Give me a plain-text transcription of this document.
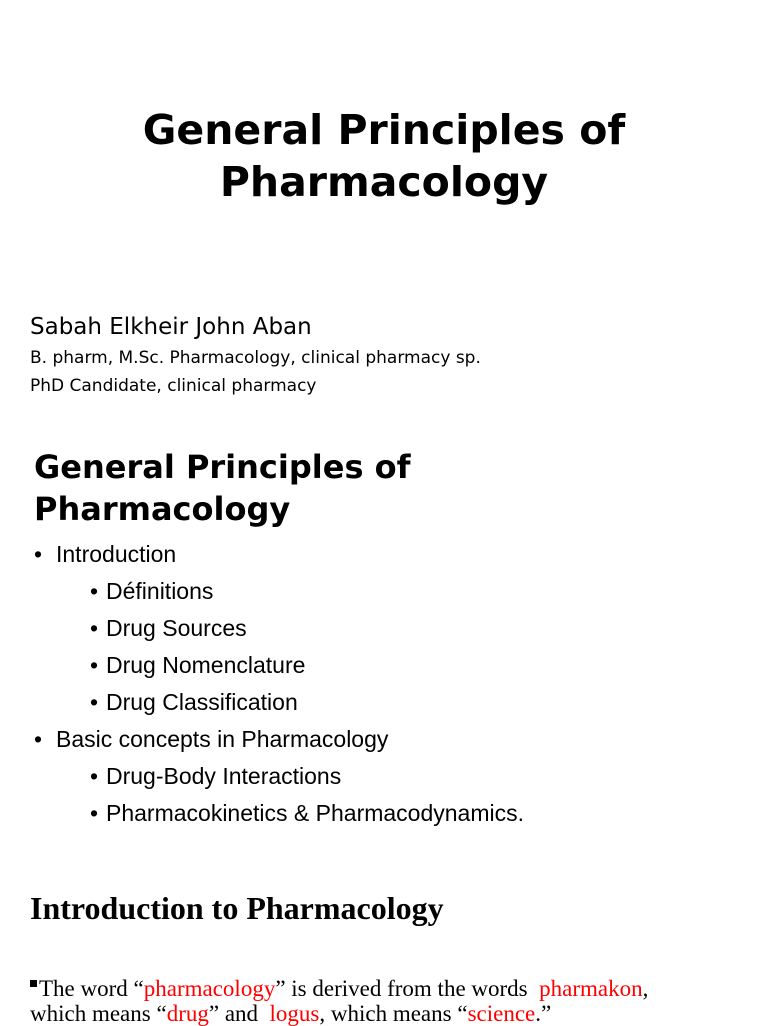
General Principles of
Pharmacology
Sabah Elkheir John Aban
B. pharm, M.Sc. Pharmacology, clinical pharmacy sp.
PhD Candidate, clinical pharmacy
General Principles of
Pharmacology
• Introduction
• Définitions
• Drug Sources
• Drug Nomenclature
• Drug Classification
• Basic concepts in Pharmacology
• Drug-Body Interactions
• Pharmacokinetics & Pharmacodynamics.
Introduction to Pharmacology

The word “pharmacology” is derived from the words  pharmakon,
which means “drug” and  logus, which means “science.”
